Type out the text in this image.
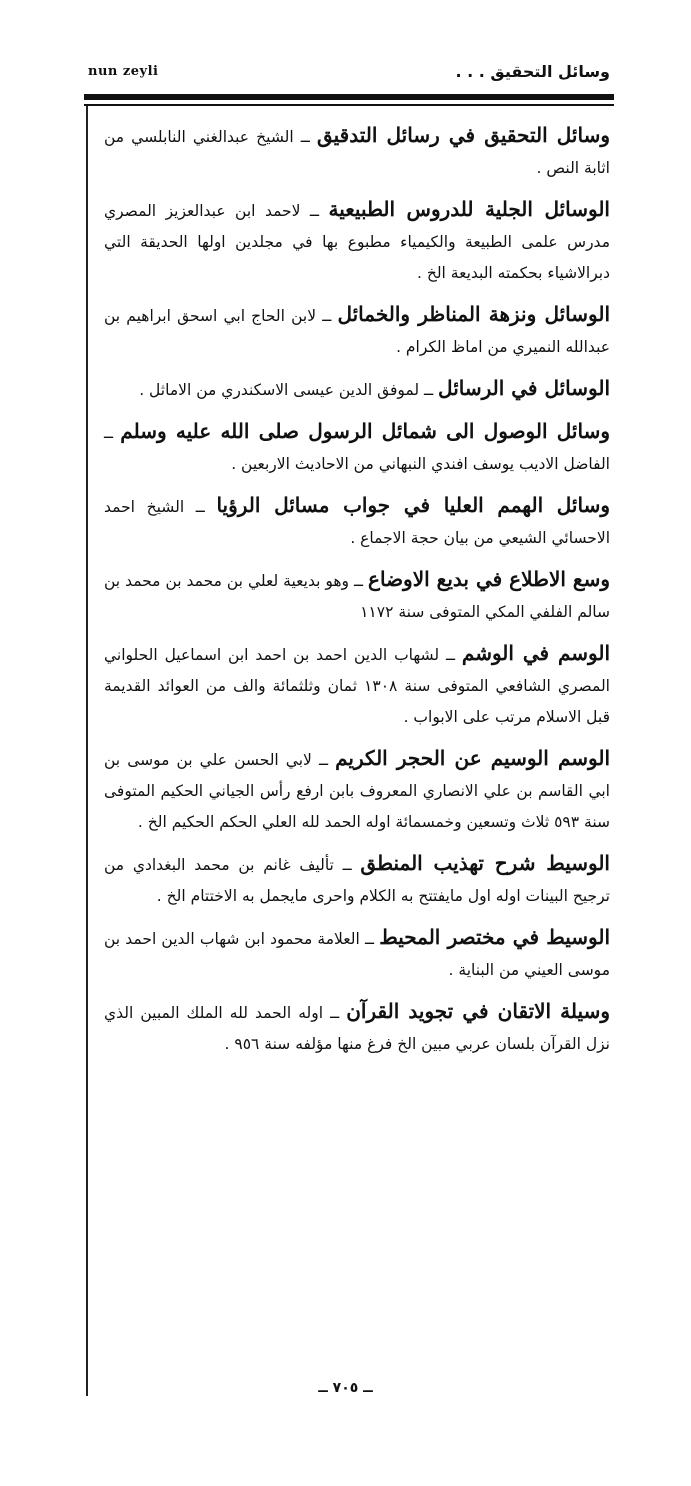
nun zeyli	وسائل التحقيق . . .

وسائل التحقيق في رسائل التدقيق ــ الشيخ عبدالغني النابلسي من اثابة النص .

الوسائل الجلية للدروس الطبيعية ــ لاحمد ابن عبدالعزيز المصري مدرس علمى الطبيعة والكيمياء مطبوع بها في مجلدين اولها الحديقة التي دبرالاشياء بحكمته البديعة الخ .

الوسائل ونزهة المناظر والخمائل ــ لابن الحاج ابي اسحق ابراهيم بن عبدالله النميري من اماظ الكرام .

الوسائل في الرسائل ــ لموفق الدين عيسى الاسكندري من الاماثل .

وسائل الوصول الى شمائل الرسول صلى الله عليه وسلم ــ الفاضل الاديب يوسف افندي النبهاني من الاحاديث الاربعين .

وسائل الهمم العليا في جواب مسائل الرؤيا ــ الشيخ احمد الاحسائي الشيعي من بيان حجة الاجماع .

وسع الاطلاع في بديع الاوضاع ــ وهو بديعية لعلي بن محمد بن محمد بن سالم الفلفي المكي المتوفى سنة ١١٧٢

الوسم في الوشم ــ لشهاب الدين احمد بن احمد ابن اسماعيل الحلواني المصري الشافعي المتوفى سنة ١٣٠٨ ثمان وثلثمائة والف من العوائد القديمة قبل الاسلام مرتب على الابواب .

الوسم الوسيم عن الحجر الكريم ــ لابي الحسن علي بن موسى بن ابي القاسم بن علي الانصاري المعروف بابن ارفع رأس الجياني الحكيم المتوفى سنة ٥٩٣ ثلاث وتسعين وخمسمائة اوله الحمد لله العلي الحكم الحكيم الخ .

الوسيط شرح تهذيب المنطق ــ تأليف غانم بن محمد البغدادي من ترجيح البينات اوله اول مايفتتح به الكلام واحرى مايجمل به الاختتام الخ .

الوسيط في مختصر المحيط ــ العلامة محمود ابن شهاب الدين احمد بن موسى العيني من البناية .

وسيلة الاتقان في تجويد القرآن ــ اوله الحمد لله الملك المبين الذي نزل القرآن بلسان عربي مبين الخ فرغ منها مؤلفه سنة ٩٥٦ .

ــ ٧٠٥ ــ
